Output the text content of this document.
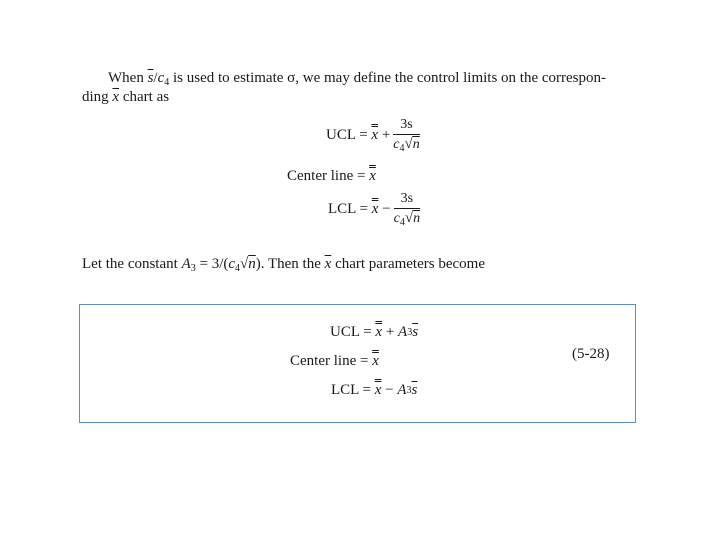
When $\overline{s}/c_4$ is used to estimate σ, we may define the control limits on the correspon-
ding $\overline{x}$ chart as
UCL =
x
+ $\frac{3s}{c_4√n}$
Center line =
x
LCL =
x
− $\frac{3s}{c_4√n}$
Let the constant $A_3 = 3/(c_4√n)$. Then the $\overline{x}$ chart parameters become
UCL =
x
+
A 3 $\overline{s}$
Center line =
x	(5-28)
LCL =
x
−
A 3 $\overline{s}$
